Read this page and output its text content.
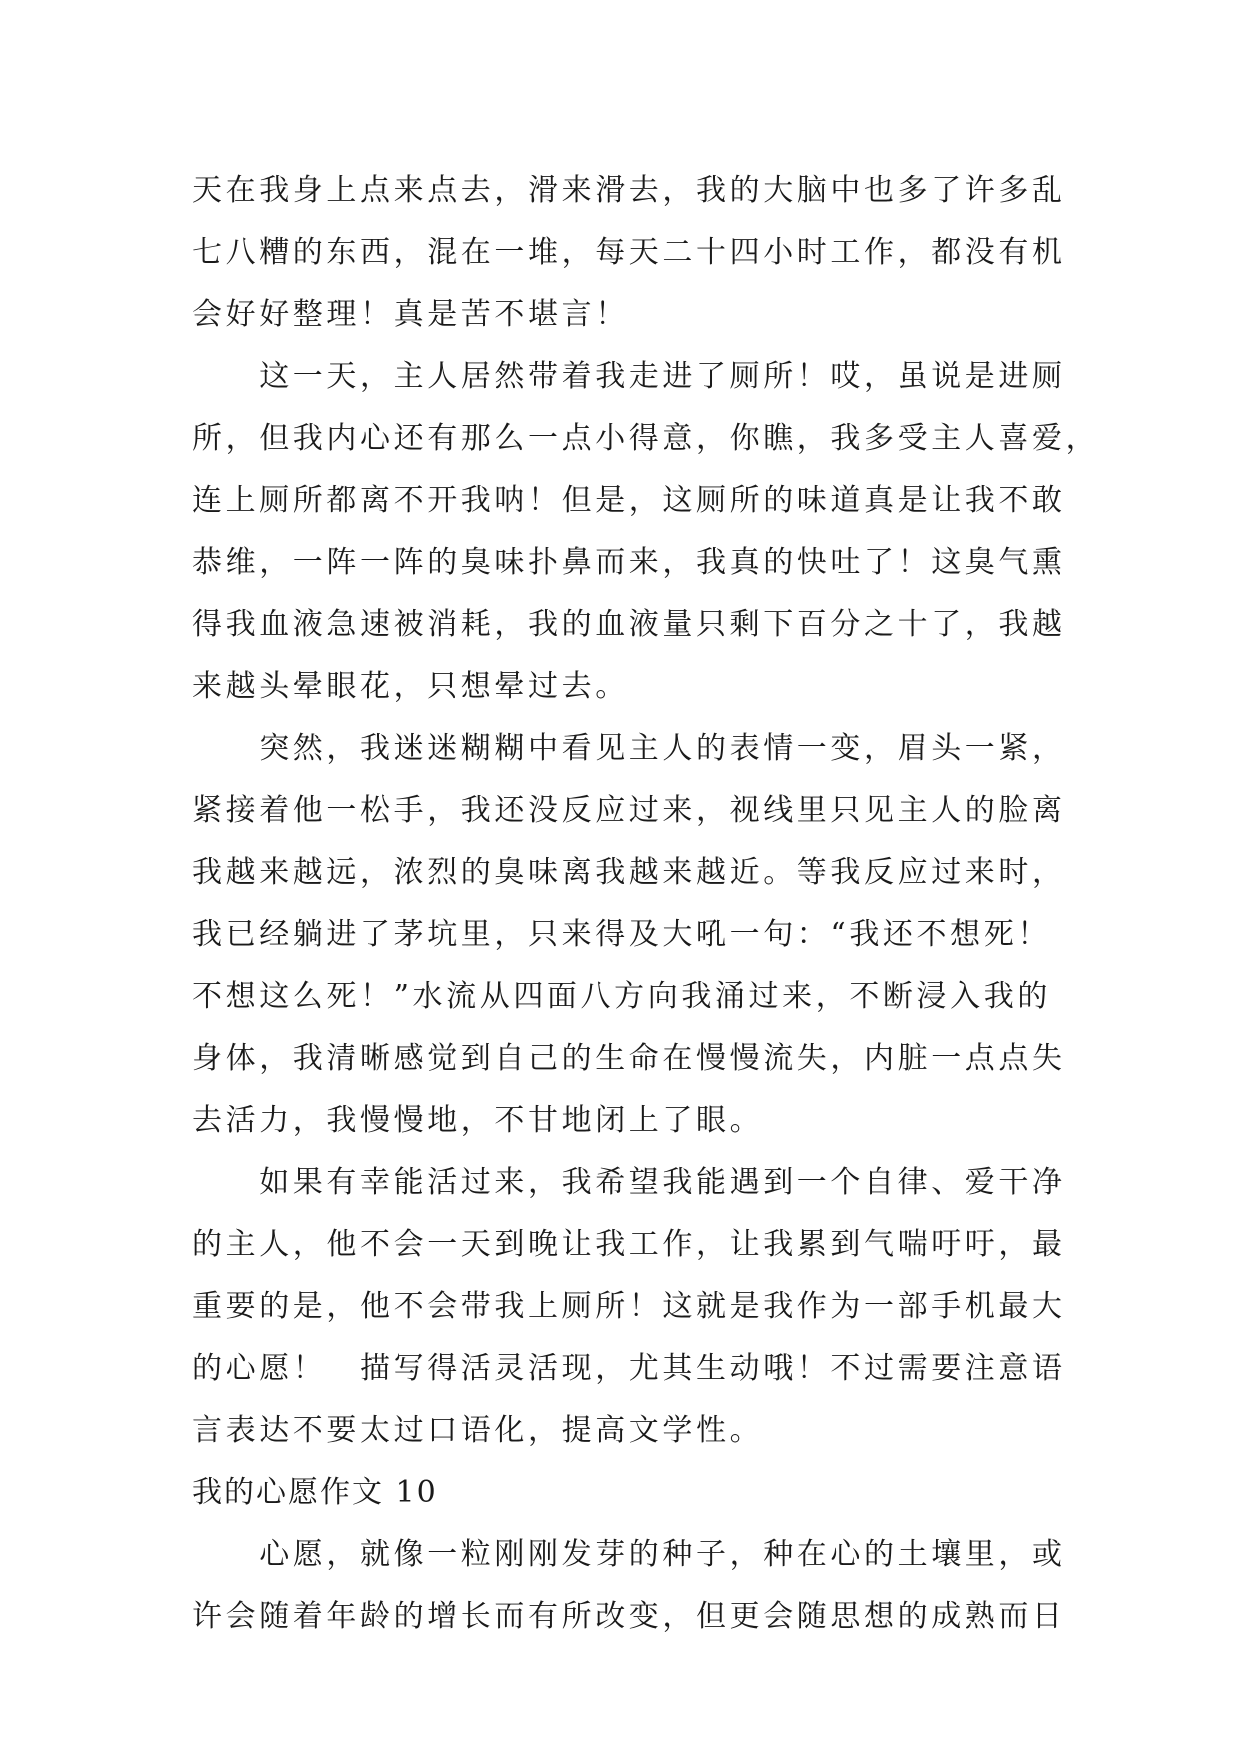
天在我身上点来点去，滑来滑去，我的大脑中也多了许多乱
七八糟的东西，混在一堆，每天二十四小时工作，都没有机
会好好整理！真是苦不堪言！
　　这一天，主人居然带着我走进了厕所！哎，虽说是进厕
所，但我内心还有那么一点小得意，你瞧，我多受主人喜爱，
连上厕所都离不开我呐！但是，这厕所的味道真是让我不敢
恭维，一阵一阵的臭味扑鼻而来，我真的快吐了！这臭气熏
得我血液急速被消耗，我的血液量只剩下百分之十了，我越
来越头晕眼花，只想晕过去。
　　突然，我迷迷糊糊中看见主人的表情一变，眉头一紧，
紧接着他一松手，我还没反应过来，视线里只见主人的脸离
我越来越远，浓烈的臭味离我越来越近。等我反应过来时，
我已经躺进了茅坑里，只来得及大吼一句：“我还不想死！
不想这么死！”水流从四面八方向我涌过来，不断浸入我的
身体，我清晰感觉到自己的生命在慢慢流失，内脏一点点失
去活力，我慢慢地，不甘地闭上了眼。
　　如果有幸能活过来，我希望我能遇到一个自律、爱干净
的主人，他不会一天到晚让我工作，让我累到气喘吁吁，最
重要的是，他不会带我上厕所！这就是我作为一部手机最大
的心愿！　描写得活灵活现，尤其生动哦！不过需要注意语
言表达不要太过口语化，提高文学性。
我的心愿作文 10
　　心愿，就像一粒刚刚发芽的种子，种在心的土壤里，或
许会随着年龄的增长而有所改变，但更会随思想的成熟而日
